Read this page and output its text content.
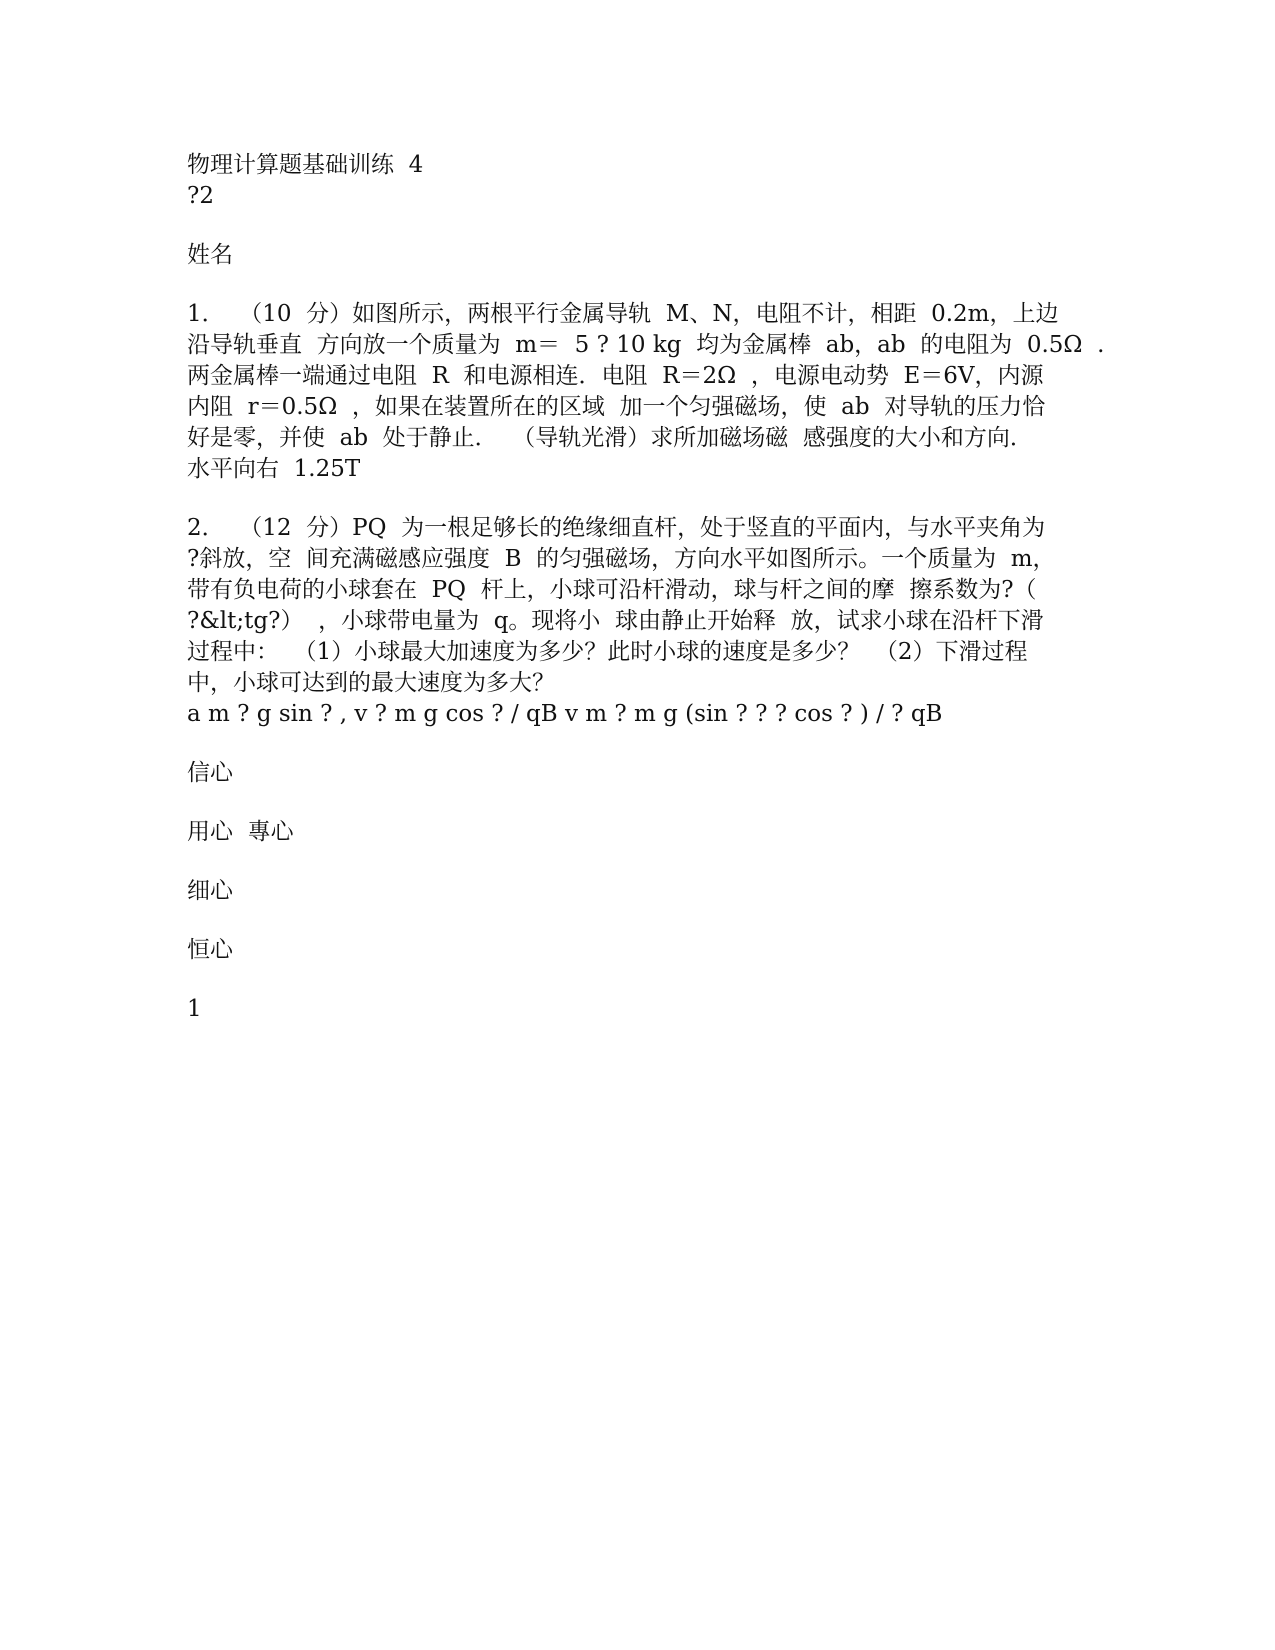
物理计算题基础训练  4

?2

姓名

1．  （10  分）如图所示，两根平行金属导轨  M、N，电阻不计，相距  0.2m，上边

沿导轨垂直  方向放一个质量为  m＝  5 ? 10 kg  均为金属棒  ab，ab  的电阻为  0.5Ω  .

两金属棒一端通过电阻  R  和电源相连．电阻  R＝2Ω  ，电源电动势  E＝6V，内源

内阻  r＝0.5Ω  ，如果在装置所在的区域  加一个匀强磁场，使  ab  对导轨的压力恰

好是零，并使  ab  处于静止．  （导轨光滑）求所加磁场磁  感强度的大小和方向．

水平向右  1.25T

2．  （12  分）PQ  为一根足够长的绝缘细直杆，处于竖直的平面内，与水平夹角为

?斜放，空  间充满磁感应强度  B  的匀强磁场，方向水平如图所示。一个质量为  m，

带有负电荷的小球套在  PQ  杆上，小球可沿杆滑动，球与杆之间的摩  擦系数为?（

?&lt;tg?）  ，小球带电量为  q。现将小  球由静止开始释  放，试求小球在沿杆下滑

过程中：  （1）小球最大加速度为多少？此时小球的速度是多少？  （2）下滑过程

中，小球可达到的最大速度为多大？

a m ? g sin ? , v ? m g cos ? / qB v m ? m g (sin ? ? ? cos ? ) / ? qB

信心

用心  專心

细心

恒心

1
